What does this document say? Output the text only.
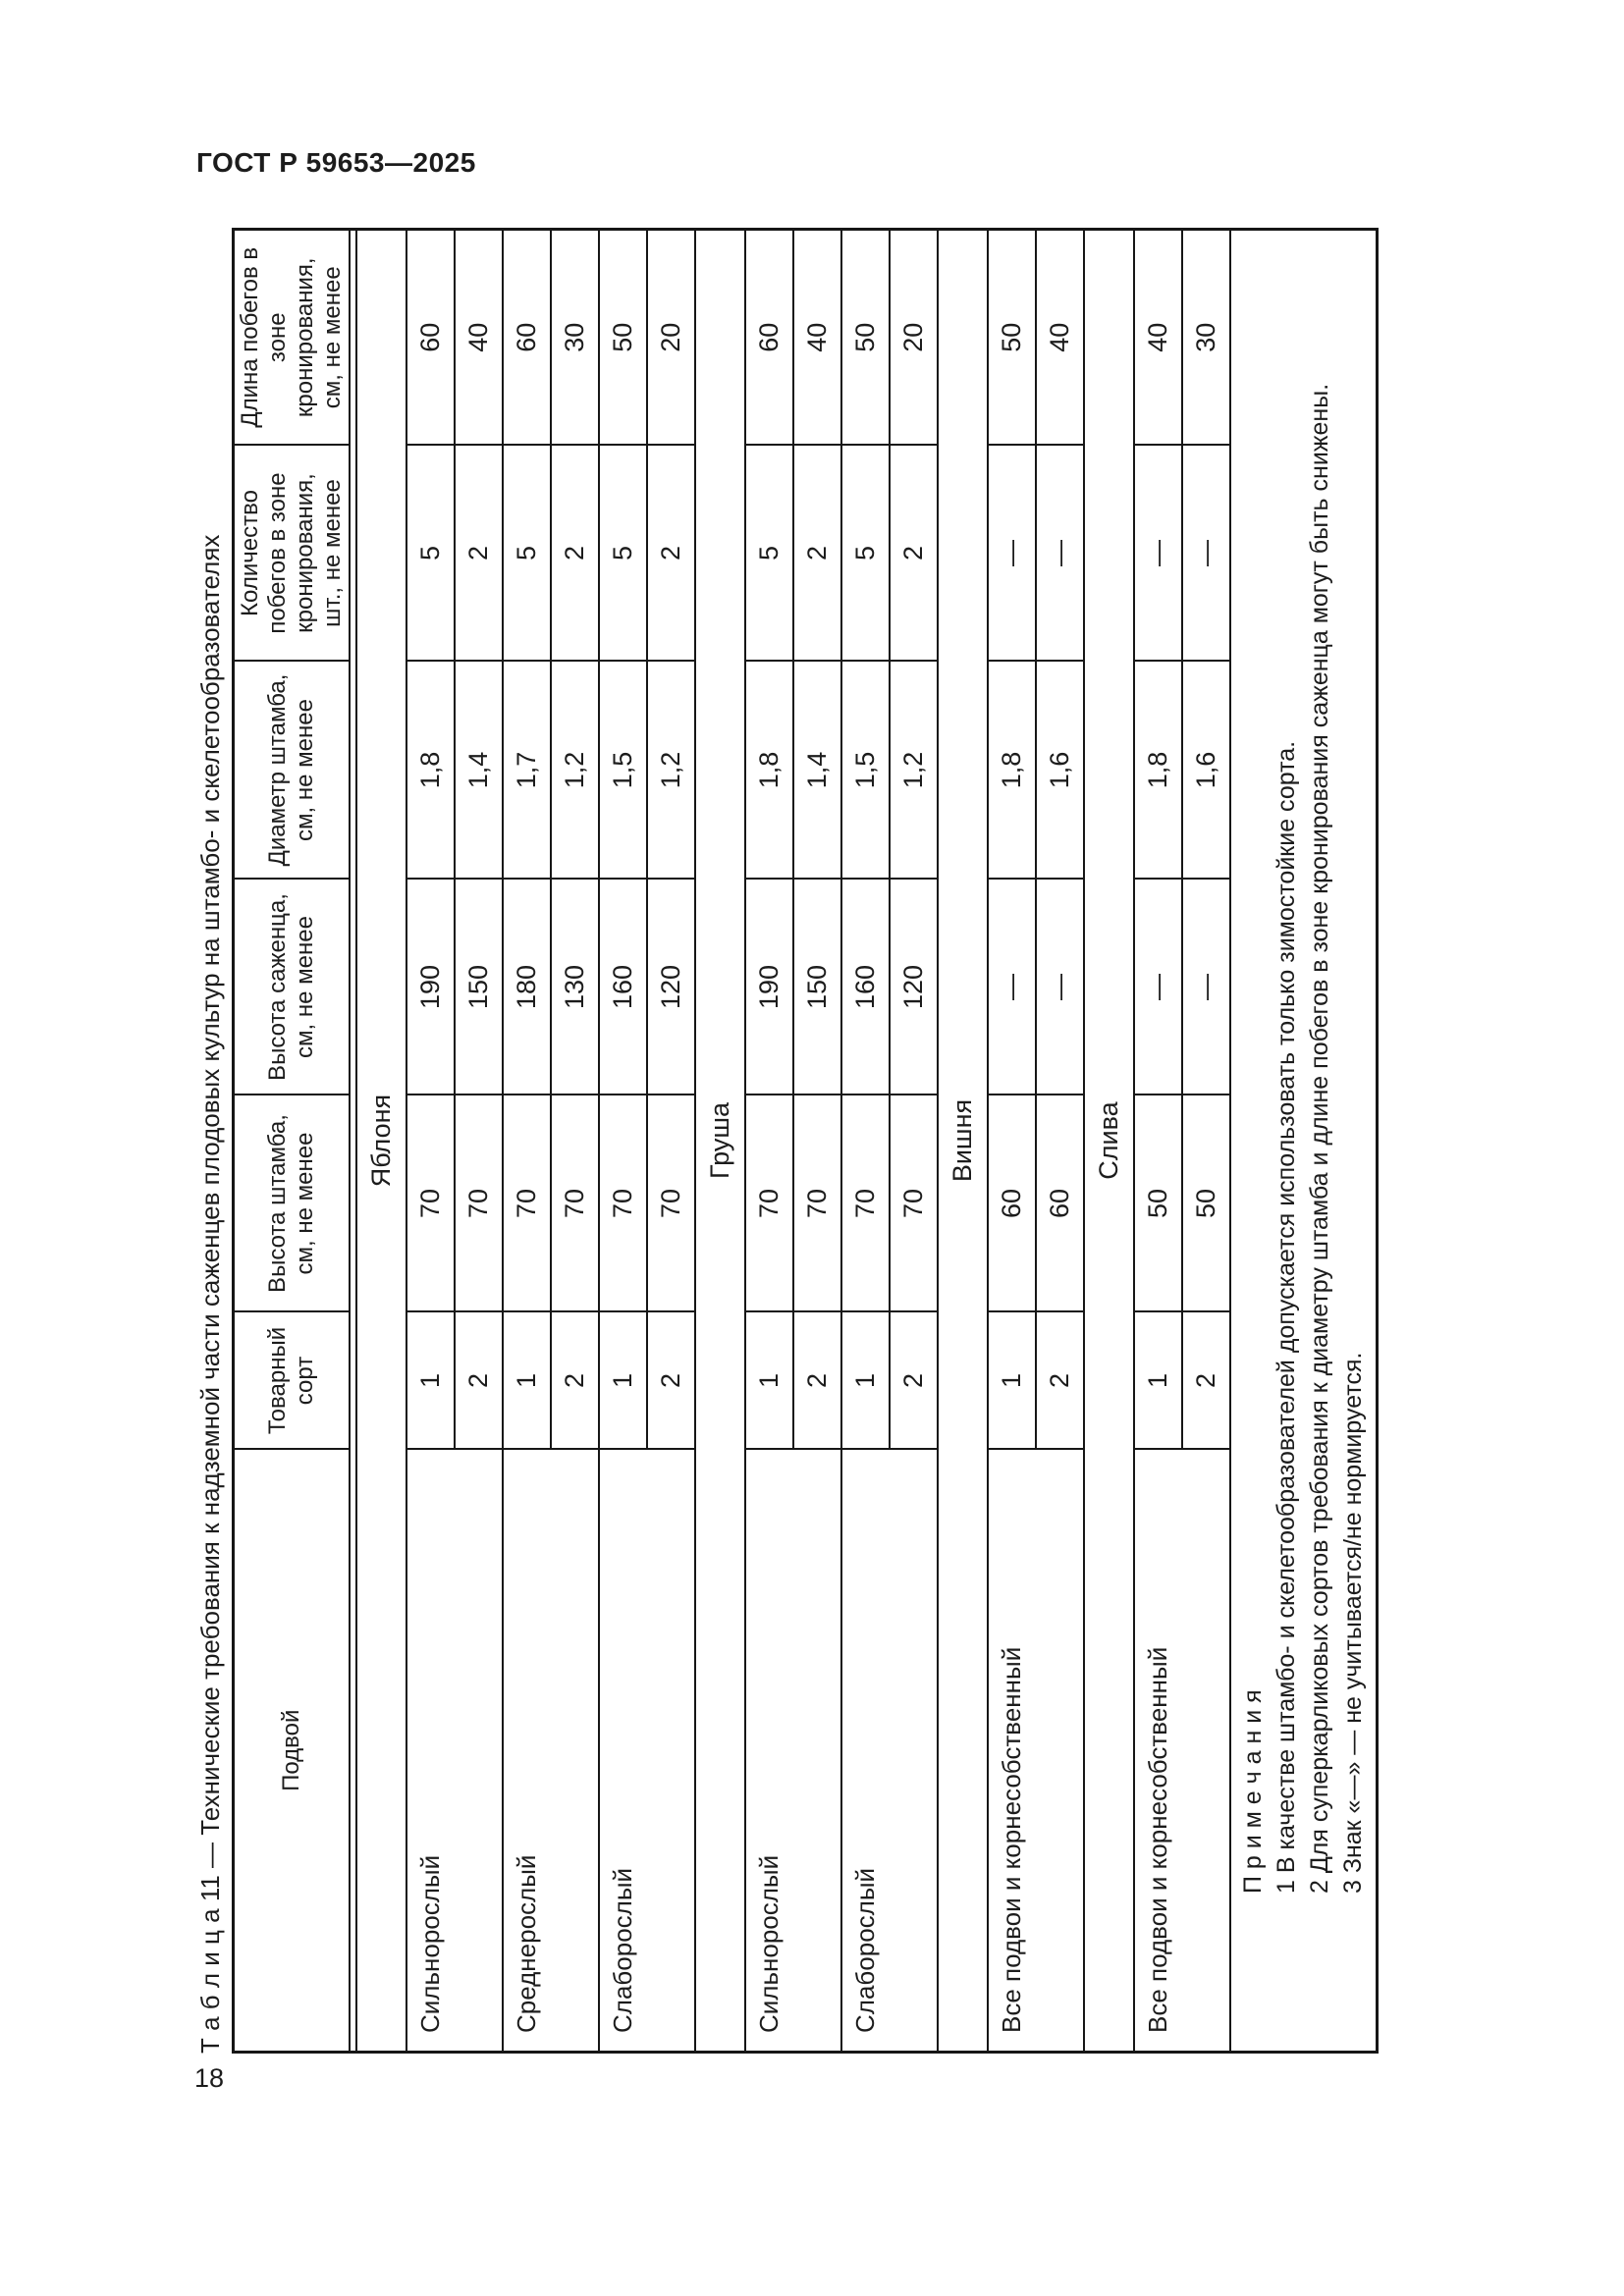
ГОСТ Р 59653—2025
Т а б л и ц а 11 — Технические требования к надземной части саженцев плодовых культур на штамбо- и скелетообразователях Подвой	Товарный сорт	Высота штамба, см, не менее	Высота саженца, см, не менее	Диаметр штамба, см, не менее	Количество побегов в зоне кронирования, шт., не менее	Длина побегов в зоне кронирования, см, не менее

Яблоня						
Сильнорослый	1	70	190	1,8	5	60
	2	70	150	1,4	2	40
Среднерослый	1	70	180	1,7	5	60
	2	70	130	1,2	2	30
Слаборослый	1	70	160	1,5	5	50
	2	70	120	1,2	2	20
Груша						
Сильнорослый	1	70	190	1,8	5	60
	2	70	150	1,4	2	40
Слаборослый	1	70	160	1,5	5	50
	2	70	120	1,2	2	20
Вишня						
Все подвои и корнесобственный	1	60	—	1,8	—	50
	2	60	—	1,6	—	40
Слива						
Все подвои и корнесобственный	1	50	—	1,8	—	40
	2	50	—	1,6	—	30

П р и м е ч а н и я 1 В качестве штамбо- и скелетообразователей допускается использовать только зимостойкие сорта. 2 Для суперкарликовых сортов требования к диаметру штамба и длине побегов в зоне кронирования саженца могут быть снижены. 3 Знак «—» — не учитывается/не нормируется.						
18
